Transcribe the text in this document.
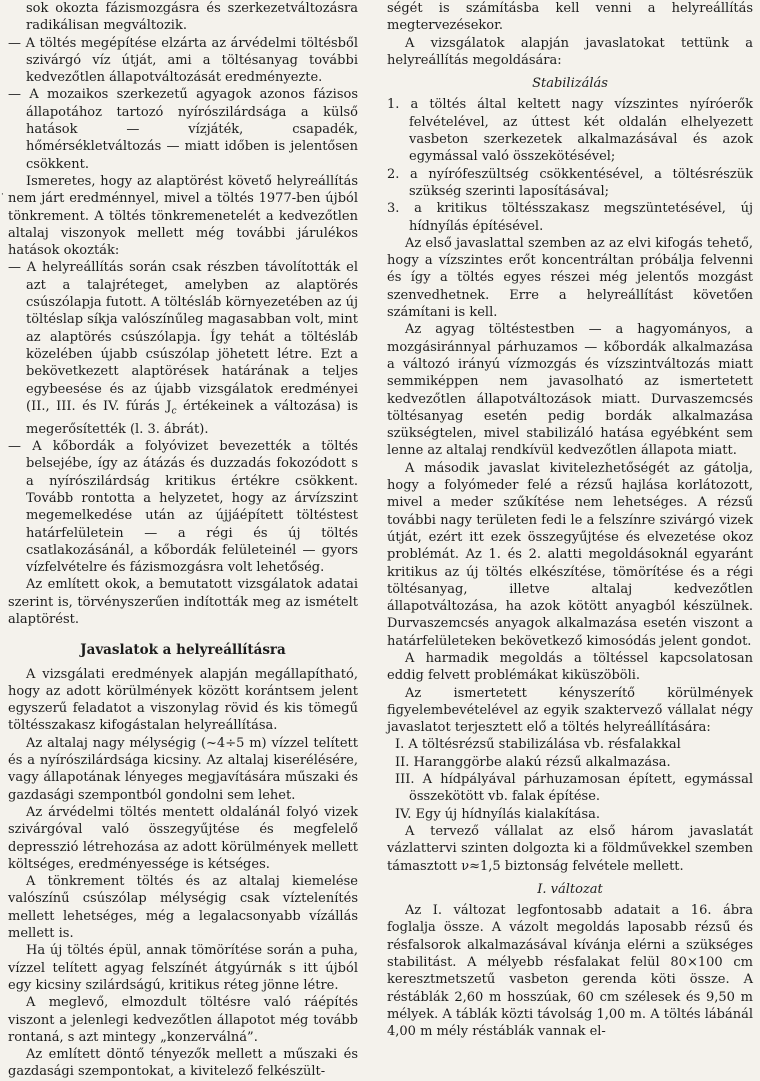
·

sok okozta fázismozgásra és szerkezetváltozásra radikálisan megváltozik.

— A töltés megépítése elzárta az árvédelmi töltésből szivárgó víz útját, ami a töltésanyag további kedvezőtlen állapotváltozását eredményezte.

— A mozaikos szerkezetű agyagok azonos fázisos állapotához tartozó nyírószilárdsága a külső hatások — vízjáték, csapadék, hőmérsékletváltozás — miatt időben is jelentősen csökkent.

Ismeretes, hogy az alaptörést követő helyreállítás nem járt eredménnyel, mivel a töltés 1977-ben újból tönkrement. A töltés tönkremenetelét a kedvezőtlen altalaj viszonyok mellett még további járulékos hatások okozták:

— A helyreállítás során csak részben távolították el azt a talajréteget, amelyben az alaptörés csúszólapja futott. A töltésláb környezetében az új töltéslap síkja valószínűleg magasabban volt, mint az alaptörés csúszólapja. Így tehát a töltésláb közelében újabb csúszólap jöhetett létre. Ezt a bekövetkezett alaptörések határának a teljes egybeesése és az újabb vizsgálatok eredményei (II., III. és IV. fúrás $J_c$ értékeinek a változása) is megerősítették (l. 3. ábrát).

— A kőbordák a folyóvizet bevezették a töltés belsejébe, így az átázás és duzzadás fokozódott s a nyírószilárdság kritikus értékre csökkent. Tovább rontotta a helyzetet, hogy az árvízszint megemelkedése után az újjáépített töltéstest határfelületein — a régi és új töltés csatlakozásánál, a kőbordák felületeinél — gyors vízfelvételre és fázismozgásra volt lehetőség.

Az említett okok, a bemutatott vizsgálatok adatai szerint is, törvényszerűen indították meg az ismételt alaptörést.

Javaslatok a helyreállításra

A vizsgálati eredmények alapján megállapítható, hogy az adott körülmények között korántsem jelent egyszerű feladatot a viszonylag rövid és kis tömegű töltésszakasz kifogástalan helyreállítása.

Az altalaj nagy mélységig (~4÷5 m) vízzel telített és a nyírószilárdsága kicsiny. Az altalaj kiserélésére, vagy állapotának lényeges megjavítására műszaki és gazdasági szempontból gondolni sem lehet.

Az árvédelmi töltés mentett oldalánál folyó vizek szivárgóval való összegyűjtése és megfelelő depresszió létrehozása az adott körülmények mellett költséges, eredményessége is kétséges.

A tönkrement töltés és az altalaj kiemelése valószínű csúszólap mélységig csak víztelenítés mellett lehetséges, még a legalacsonyabb vízállás mellett is.

Ha új töltés épül, annak tömörítése során a puha, vízzel telített agyag felszínét átgyúrnák s itt újból egy kicsiny szilárdságú, kritikus réteg jönne létre.

A meglevő, elmozdult töltésre való ráépítés viszont a jelenlegi kedvezőtlen állapotot még tovább rontaná, s azt mintegy „konzerválná”.

Az említett döntő tényezők mellett a műszaki és gazdasági szempontokat, a kivitelező felkészült-

ségét is számításba kell venni a helyreállítás megtervezésekor.

A vizsgálatok alapján javaslatokat tettünk a helyreállítás megoldására:

Stabilizálás

1. a töltés által keltett nagy vízszintes nyíróerők felvételével, az úttest két oldalán elhelyezett vasbeton szerkezetek alkalmazásával és azok egymással való összekötésével;

2. a nyírófeszültség csökkentésével, a töltésrészük szükség szerinti laposításával;

3. a kritikus töltésszakasz megszüntetésével, új hídnyílás építésével.

Az első javaslattal szemben az az elvi kifogás tehető, hogy a vízszintes erőt koncentráltan próbálja felvenni és így a töltés egyes részei még jelentős mozgást szenvedhetnek. Erre a helyreállítást követően számítani is kell.

Az agyag töltéstestben — a hagyományos, a mozgásiránnyal párhuzamos — kőbordák alkalmazása a változó irányú vízmozgás és vízszintváltozás miatt semmiképpen nem javasolható az ismertetett kedvezőtlen állapotváltozások miatt. Durvaszemcsés töltésanyag esetén pedig bordák alkalmazása szükségtelen, mivel stabilizáló hatása egyébként sem lenne az altalaj rendkívül kedvezőtlen állapota miatt.

A második javaslat kivitelezhetőségét az gátolja, hogy a folyómeder felé a rézsű hajlása korlátozott, mivel a meder szűkítése nem lehetséges. A rézsű további nagy területen fedi le a felszínre szivárgó vizek útját, ezért itt ezek összegyűjtése és elvezetése okoz problémát. Az 1. és 2. alatti megoldásoknál egyaránt kritikus az új töltés elkészítése, tömörítése és a régi töltésanyag, illetve altalaj kedvezőtlen állapotváltozása, ha azok kötött anyagból készülnek. Durvaszemcsés anyagok alkalmazása esetén viszont a határfelületeken bekövetkező kimosódás jelent gondot.

A harmadik megoldás a töltéssel kapcsolatosan eddig felvett problémákat kiküszöböli.

Az ismertetett kényszerítő körülmények figyelembevételével az egyik szaktervező vállalat négy javaslatot terjesztett elő a töltés helyreállítására:

I. A töltésrézsű stabilizálása vb. résfalakkal

II. Haranggörbe alakú rézsű alkalmazása.

III. A hídpályával párhuzamosan épített, egymással összekötött vb. falak építése.

IV. Egy új hídnyílás kialakítása.

A tervező vállalat az első három javaslatát vázlattervi szinten dolgozta ki a földművekkel szemben támasztott ν≈1,5 biztonság felvétele mellett.

I. változat

Az I. változat legfontosabb adatait a 16. ábra foglalja össze. A vázolt megoldás laposabb rézsű és résfalsorok alkalmazásával kívánja elérni a szükséges stabilitást. A mélyebb résfalakat felül 80×100 cm keresztmetszetű vasbeton gerenda köti össze. A réstáblák 2,60 m hosszúak, 60 cm szélesek és 9,50 m mélyek. A táblák közti távolság 1,00 m. A töltés lábánál 4,00 m mély réstáblák vannak el-
